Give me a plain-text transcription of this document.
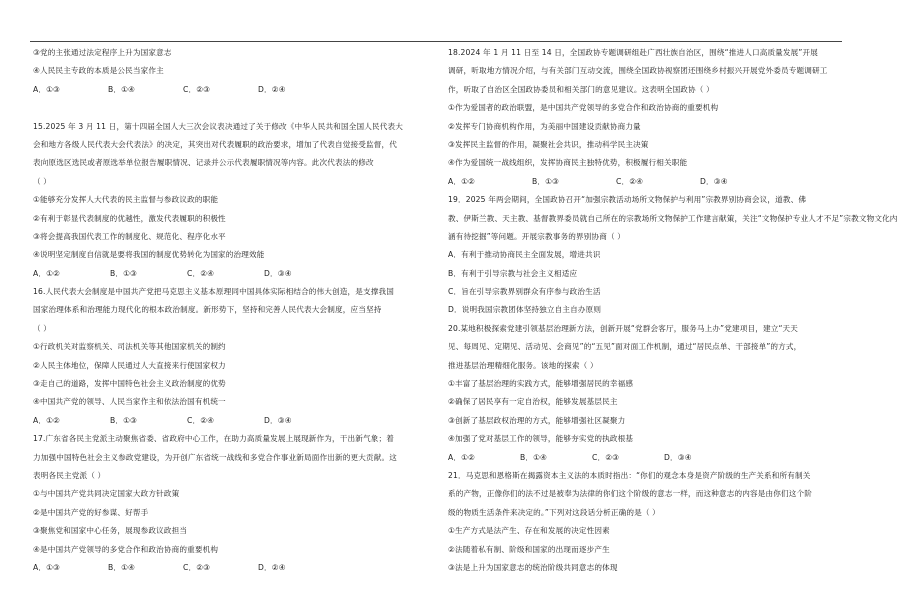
③党的主张通过法定程序上升为国家意志
④人民民主专政的本质是公民当家作主
A．①③	B．①④	C．②③	D．②④
15.2025 年 3 月 11 日，第十四届全国人大三次会议表决通过了关于修改《中华人民共和国全国人民代表大
会和地方各级人民代表大会代表法》的决定，其突出对代表履职的政治要求，增加了代表自觉接受监督，代
表向原选区选民或者原选举单位报告履职情况、记录并公示代表履职情况等内容。此次代表法的修改
（ ）
①能够充分发挥人大代表的民主监督与参政议政的职能
②有利于彰显代表制度的优越性，激发代表履职的积极性
③将会提高我国代表工作的制度化、规范化、程序化水平
④说明坚定制度自信就是要将我国的制度优势转化为国家的治理效能
A．①②	B．①③	C．②④	D．③④
16.人民代表大会制度是中国共产党把马克思主义基本原理同中国具体实际相结合的伟大创造，是支撑我国
国家治理体系和治理能力现代化的根本政治制度。新形势下，坚持和完善人民代表大会制度，应当坚持
（ ）
①行政机关对监察机关、司法机关等其他国家机关的制约
②人民主体地位，保障人民通过人大直接来行使国家权力
③走自己的道路，发挥中国特色社会主义政治制度的优势
④中国共产党的领导、人民当家作主和依法治国有机统一
A．①②	B．①③	C．②④	D．③④
17.广东省各民主党派主动聚焦省委、省政府中心工作，在助力高质量发展上展现新作为，干出新气象；着
力加强中国特色社会主义参政党建设，为开创广东省统一战线和多党合作事业新局面作出新的更大贡献。这
表明各民主党派（ ）
①与中国共产党共同决定国家大政方针政策
②是中国共产党的好参谋、好帮手
③聚焦党和国家中心任务，展现参政议政担当
④是中国共产党领导的多党合作和政治协商的重要机构
A．①③	B．①④	C．②③	D．②④
18.2024 年 1 月 11 日至 14 日，全国政协专题调研组赴广西壮族自治区，围绕“推进人口高质量发展”开展
调研，听取地方情况介绍，与有关部门互动交流，围绕全国政协视察团还围绕乡村振兴开展党外委员专题调研工
作，听取了自治区全国政协委员和相关部门的意见建议。这表明全国政协（ ）
①作为爱国者的政治联盟，是中国共产党领导的多党合作和政治协商的重要机构
②发挥专门协商机构作用，为美丽中国建设贡献协商力量
③发挥民主监督的作用，凝聚社会共识，推动科学民主决策
④作为爱国统一战线组织，发挥协商民主独特优势，积极履行相关职能
A．①②	B．①③	C．②④	D．③④
19．2025 年两会期间，全国政协召开“加强宗教活动场所文物保护与利用”宗教界别协商会议，道教、佛
教、伊斯兰教、天主教、基督教界委员就自己所在的宗教场所文物保护工作建言献策，关注“文物保护专业人才不足”宗教文物文化内
涵有待挖掘”等问题。开展宗教事务的界别协商（ ）
A．有利于推动协商民主全面发展，增进共识
B．有利于引导宗教与社会主义相适应
C．旨在引导宗教界别群众有序参与政治生活
D．说明我国宗教团体坚持独立自主自办原则
20.某地积极探索党建引领基层治理新方法，创新开展“党群会客厅，服务马上办”党建项目，建立“天天
见、每周见、定期见、活动见、会商见”的“五见”面对面工作机制，通过“居民点单、干部接单”的方式，
推进基层治理精细化服务。该地的探索（ ）
①丰富了基层治理的实践方式，能够增强居民的幸福感
②确保了居民享有一定自治权，能够发展基层民主
③创新了基层政权治理的方式，能够增强社区凝聚力
④加强了党对基层工作的领导，能够夯实党的执政根基
A．①②	B．①④	C．②③	D．③④
21．马克思和恩格斯在揭露资本主义法的本质时指出：“你们的观念本身是资产阶级的生产关系和所有制关
系的产物，正像你们的法不过是被奉为法律的你们这个阶级的意志一样，而这种意志的内容是由你们这个阶
级的物质生活条件来决定的。”下列对这段话分析正确的是（ ）
①生产方式是法产生、存在和发展的决定性因素
②法随着私有制、阶级和国家的出现而逐步产生
③法是上升为国家意志的统治阶级共同意志的体现
